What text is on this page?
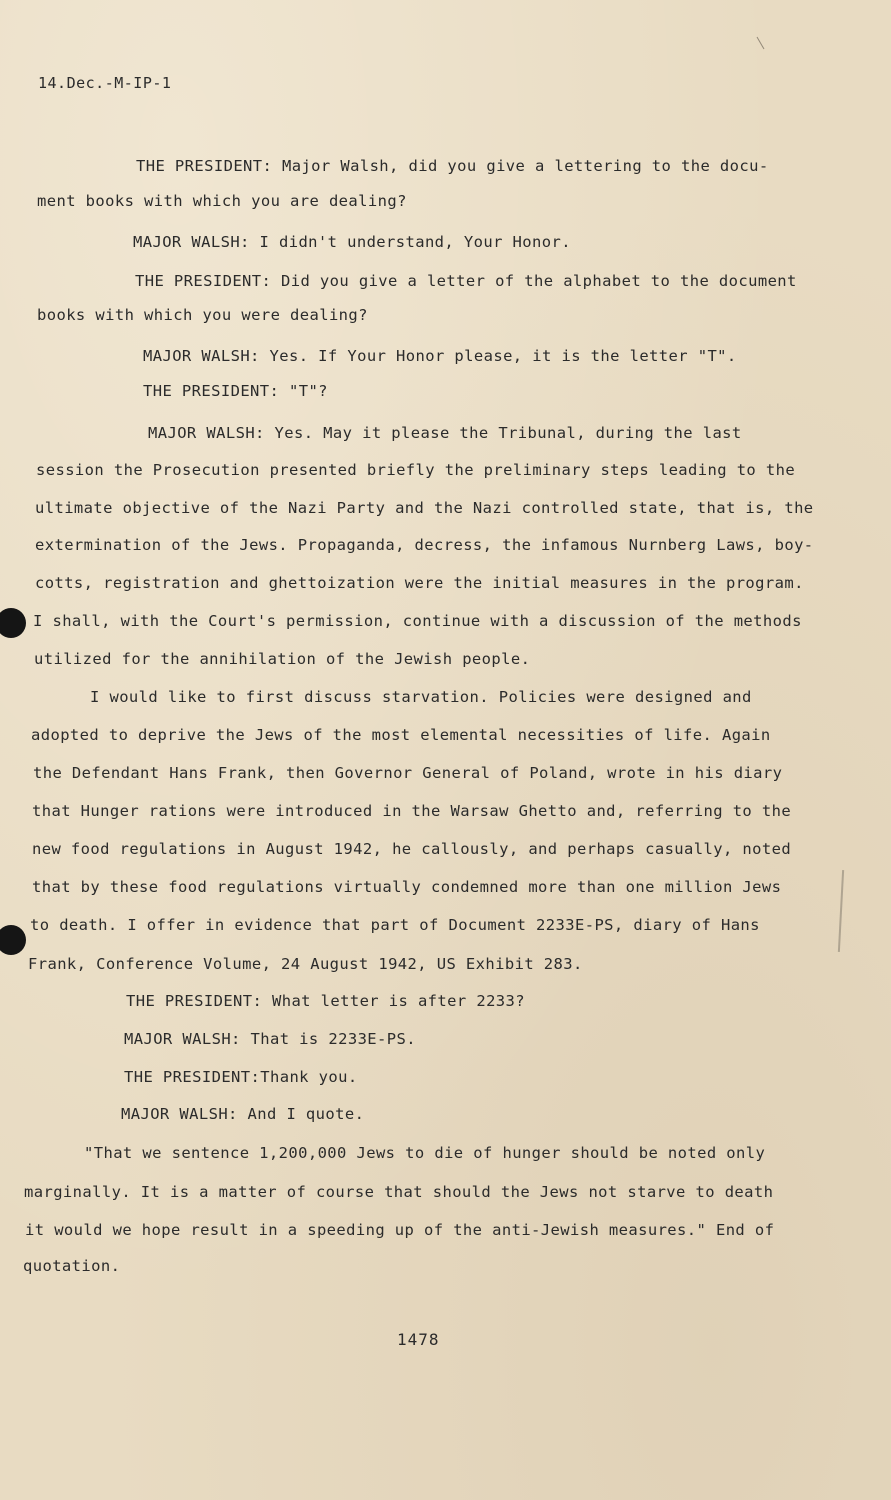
14.Dec.-M-IP-1
THE PRESIDENT: Major Walsh, did you give a lettering to the docu-
ment books with which you are dealing?
MAJOR WALSH: I didn't understand, Your Honor.
THE PRESIDENT: Did you give a letter of the alphabet to the document
books with which you were dealing?
MAJOR WALSH: Yes. If Your Honor please, it is the letter "T".
THE PRESIDENT: "T"?
MAJOR WALSH: Yes. May it please the Tribunal, during the last
session the Prosecution presented briefly the preliminary steps leading to the
ultimate objective of the Nazi Party and the Nazi controlled state, that is, the
extermination of the Jews. Propaganda, decress, the infamous Nurnberg Laws, boy-
cotts, registration and ghettoization were the initial measures in the program.
I shall, with the Court's permission, continue with a discussion of the methods
utilized for the annihilation of the Jewish people.
I would like to first discuss starvation. Policies were designed and
adopted to deprive the Jews of the most elemental necessities of life. Again
the Defendant Hans Frank, then Governor General of Poland, wrote in his diary
that Hunger rations were introduced in the Warsaw Ghetto and, referring to the
new food regulations in August 1942, he callously, and perhaps casually, noted
that by these food regulations virtually condemned more than one million Jews
to death. I offer in evidence that part of Document 2233E-PS, diary of Hans
Frank, Conference Volume, 24 August 1942, US Exhibit 283.
THE PRESIDENT: What letter is after 2233?
MAJOR WALSH: That is 2233E-PS.
THE PRESIDENT:Thank you.
MAJOR WALSH: And I quote.
"That we sentence 1,200,000 Jews to die of hunger should be noted only
marginally. It is a matter of course that should the Jews not starve to death
it would we hope result in a speeding up of the anti-Jewish measures." End of
quotation.
1478
